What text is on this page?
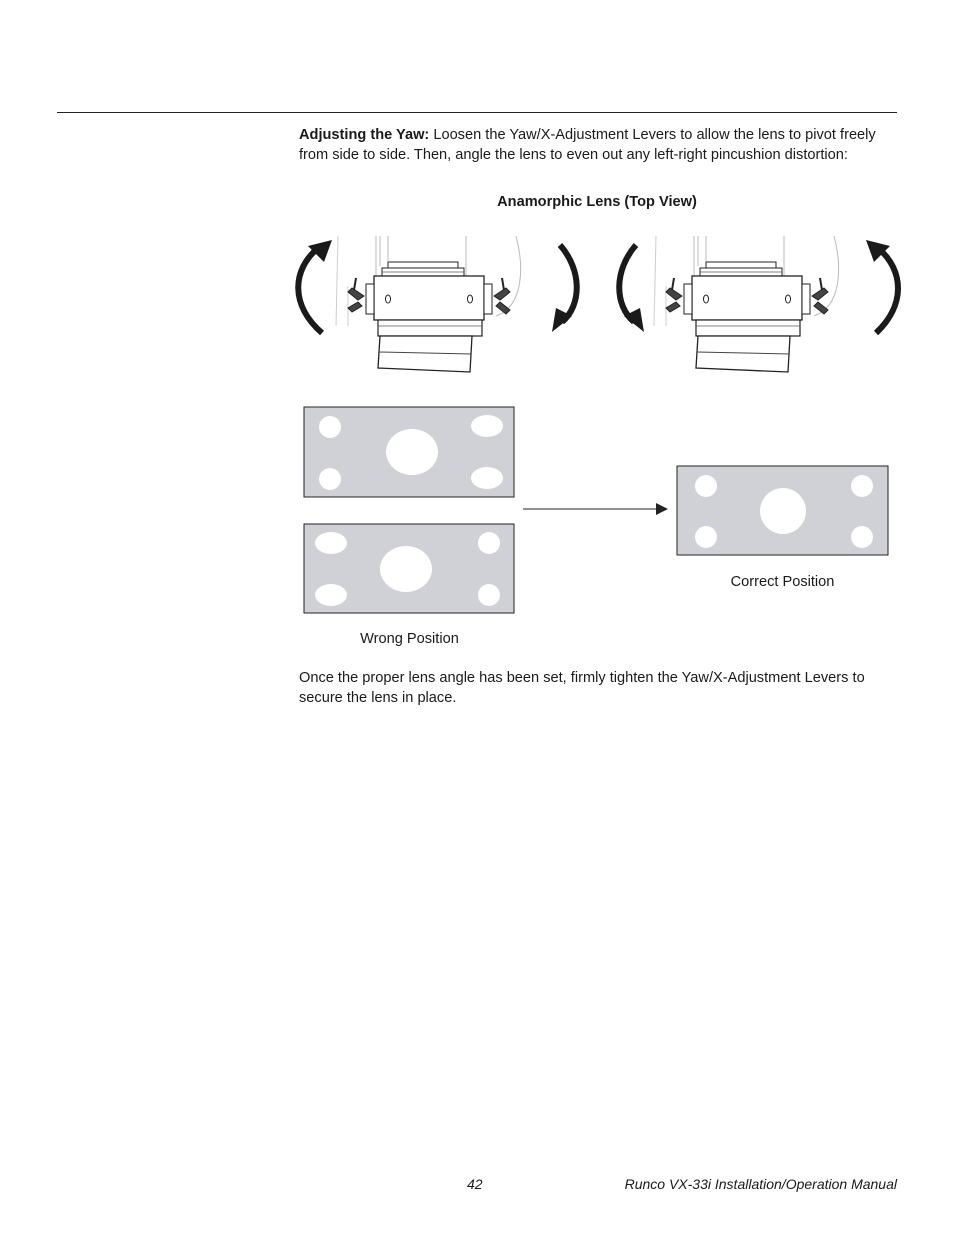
Adjusting the Yaw: Loosen the Yaw/X-Adjustment Levers to allow the lens to pivot freely from side to side. Then, angle the lens to even out any left-right pincushion distortion:

Anamorphic Lens (Top View)
Correct Position
Wrong Position

Once the proper lens angle has been set, firmly tighten the Yaw/X-Adjustment Levers to secure the lens in place.

42	Runco VX-33i Installation/Operation Manual
